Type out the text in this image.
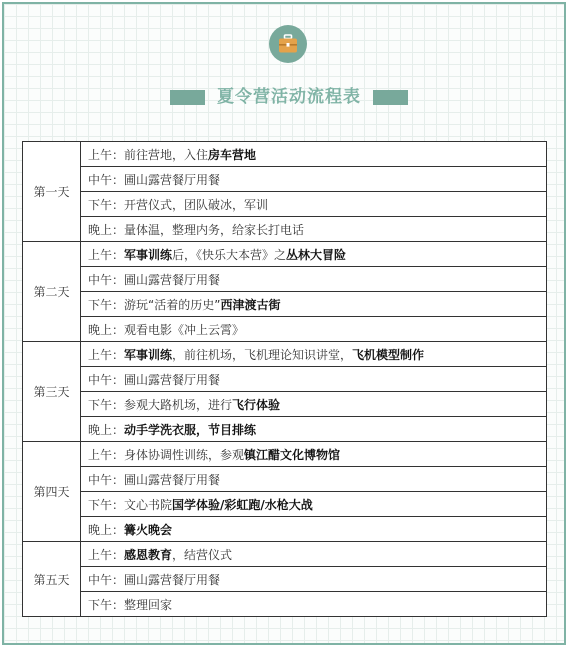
夏令营活动流程表
第一天	上午：前往营地，入住房车营地
	中午：圃山露营餐厅用餐
	下午：开营仪式，团队破冰，军训
	晚上：量体温，整理内务，给家长打电话
第二天	上午：军事训练后，《快乐大本营》之丛林大冒险
	中午：圃山露营餐厅用餐
	下午：游玩“活着的历史”西津渡古街
	晚上：观看电影《冲上云霄》
第三天	上午：军事训练，前往机场，飞机理论知识讲堂，飞机模型制作
	中午：圃山露营餐厅用餐
	下午：参观大路机场，进行飞行体验
	晚上：动手学洗衣服，节目排练
第四天	上午：身体协调性训练，参观镇江醋文化博物馆
	中午：圃山露营餐厅用餐
	下午：文心书院国学体验/彩虹跑/水枪大战
	晚上：篝火晚会
第五天	上午：感恩教育，结营仪式
	中午：圃山露营餐厅用餐
	下午：整理回家
